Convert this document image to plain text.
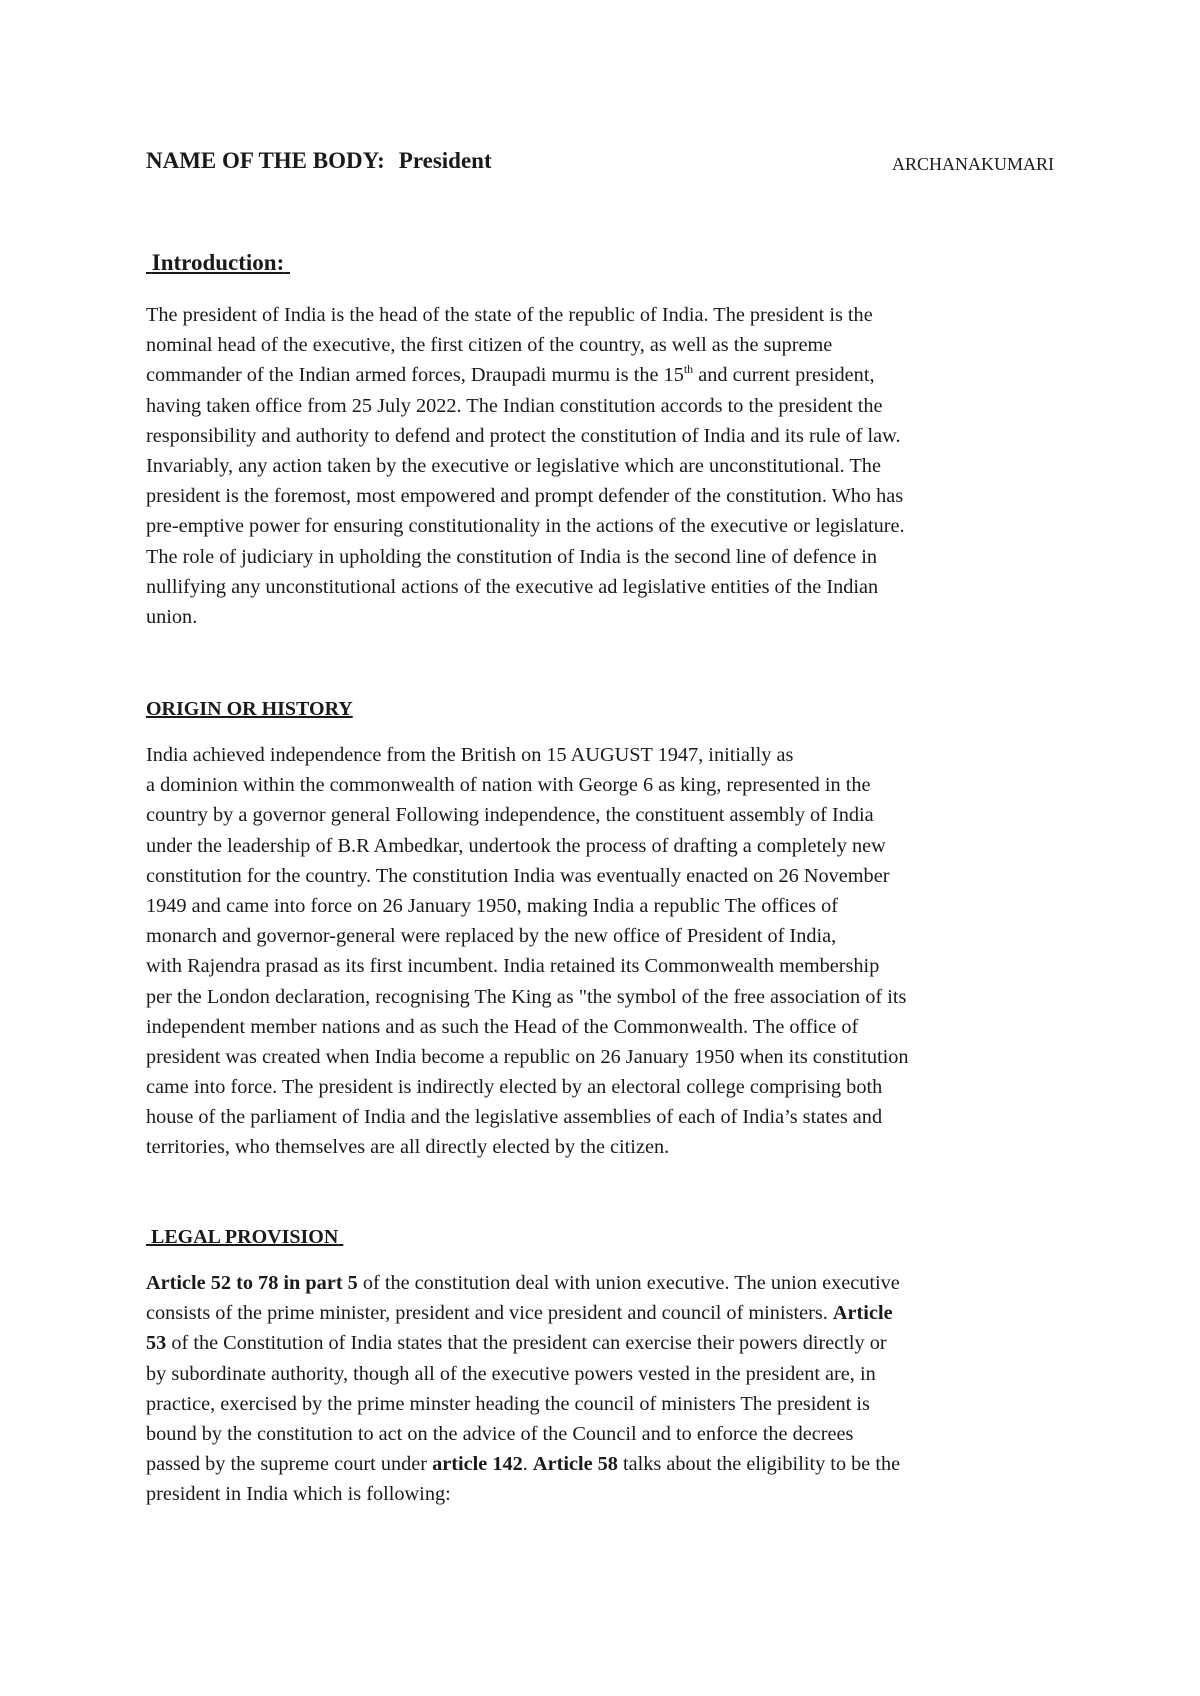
NAME OF THE BODY: President	ARCHANAKUMARI
Introduction:
The president of India is the head of the state of the republic of India. The president is the
nominal head of the executive, the first citizen of the country, as well as the supreme
commander of the Indian armed forces, Draupadi murmu is the 15th and current president,
having taken office from 25 July 2022. The Indian constitution accords to the president the
responsibility and authority to defend and protect the constitution of India and its rule of law.
Invariably, any action taken by the executive or legislative which are unconstitutional. The
president is the foremost, most empowered and prompt defender of the constitution. Who has
pre-emptive power for ensuring constitutionality in the actions of the executive or legislature.
The role of judiciary in upholding the constitution of India is the second line of defence in
nullifying any unconstitutional actions of the executive ad legislative entities of the Indian
union.
ORIGIN OR HISTORY
India achieved independence from the British on 15 AUGUST 1947, initially as
a dominion within the commonwealth of nation with George 6 as king, represented in the
country by a governor general Following independence, the constituent assembly of India
under the leadership of B.R Ambedkar, undertook the process of drafting a completely new
constitution for the country. The constitution India was eventually enacted on 26 November
1949 and came into force on 26 January 1950, making India a republic The offices of
monarch and governor-general were replaced by the new office of President of India,
with Rajendra prasad as its first incumbent. India retained its Commonwealth membership
per the London declaration, recognising The King as "the symbol of the free association of its
independent member nations and as such the Head of the Commonwealth. The office of
president was created when India become a republic on 26 January 1950 when its constitution
came into force. The president is indirectly elected by an electoral college comprising both
house of the parliament of India and the legislative assemblies of each of India’s states and
territories, who themselves are all directly elected by the citizen.
LEGAL PROVISION
Article 52 to 78 in part 5 of the constitution deal with union executive. The union executive
consists of the prime minister, president and vice president and council of ministers. Article
53 of the Constitution of India states that the president can exercise their powers directly or
by subordinate authority, though all of the executive powers vested in the president are, in
practice, exercised by the prime minster heading the council of ministers The president is
bound by the constitution to act on the advice of the Council and to enforce the decrees
passed by the supreme court under article 142. Article 58 talks about the eligibility to be the
president in India which is following:
